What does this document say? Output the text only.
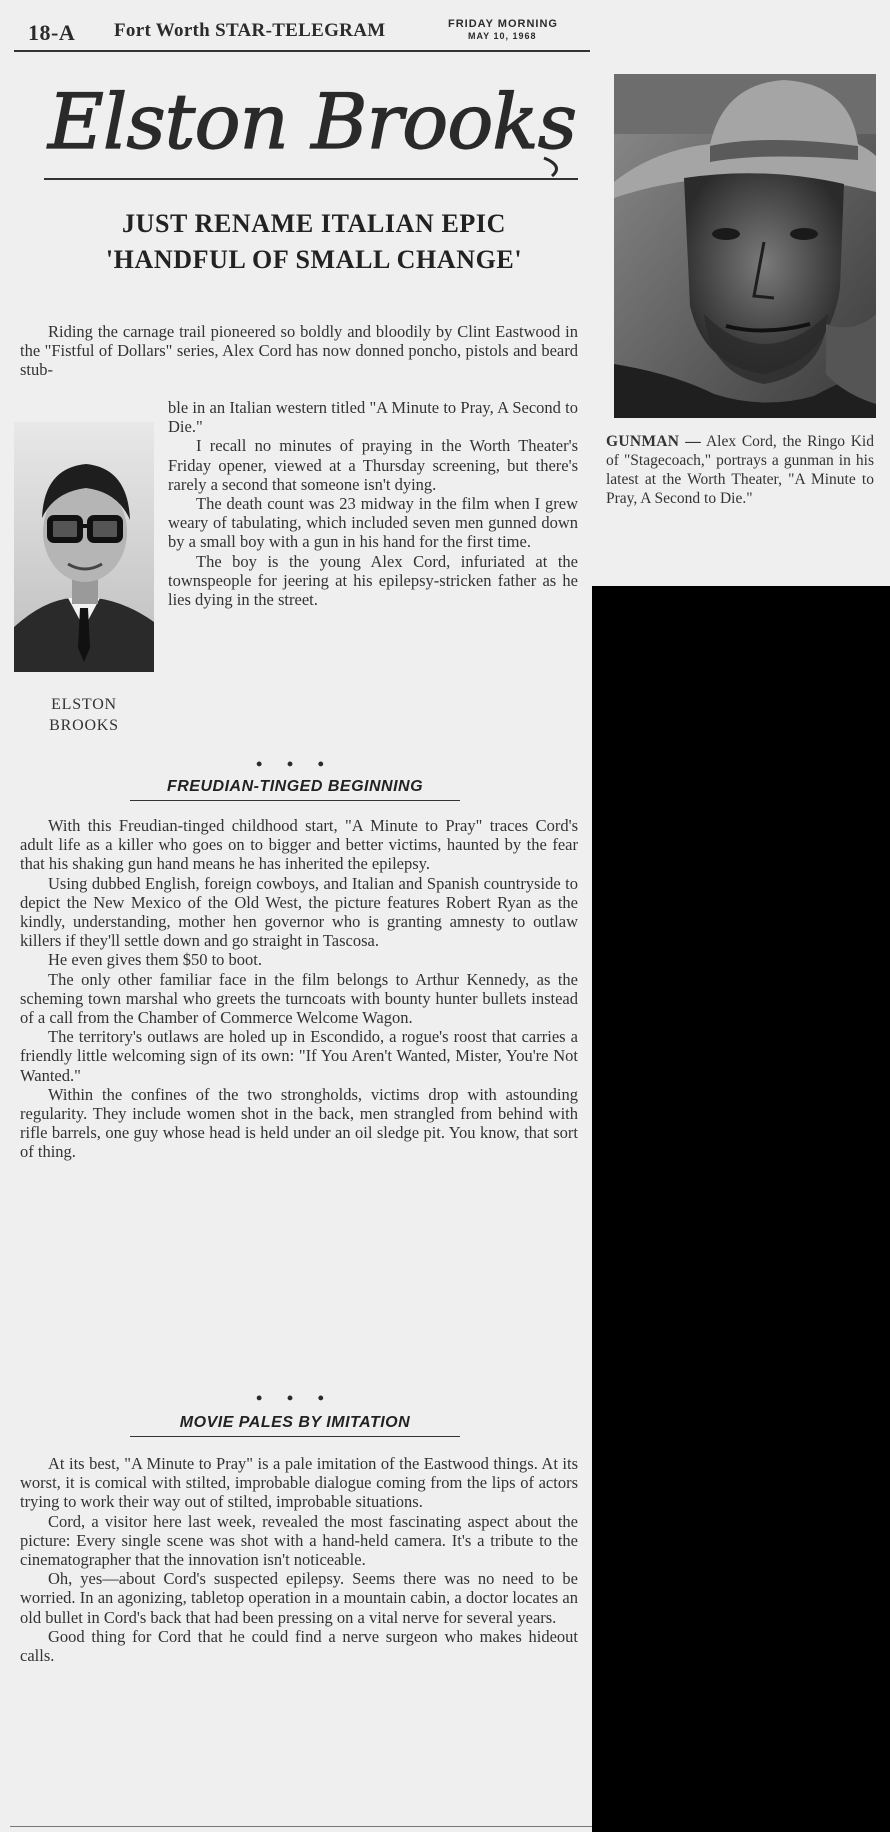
18-A Fort Worth STAR-TELEGRAM	FRIDAY MORNING
MAY 10, 1968
Elston Brooks
JUST RENAME ITALIAN EPIC
'HANDFUL OF SMALL CHANGE'

Riding the carnage trail pioneered so boldly and bloodily by Clint Eastwood in the "Fistful of Dollars" series, Alex Cord has now donned poncho, pistols and beard stub-

ELSTON
BROOKS

ble in an Italian western titled "A Minute to Pray, A Second to Die."

I recall no minutes of praying in the Worth Theater's Friday opener, viewed at a Thursday screening, but there's rarely a second that someone isn't dying.

The death count was 23 midway in the film when I grew weary of tabulating, which included seven men gunned down by a small boy with a gun in his hand for the first time.

The boy is the young Alex Cord, infuriated at the townspeople for jeering at his epilepsy-stricken father as he lies dying in the street.

• • •
FREUDIAN-TINGED BEGINNING

With this Freudian-tinged childhood start, "A Minute to Pray" traces Cord's adult life as a killer who goes on to bigger and better victims, haunted by the fear that his shaking gun hand means he has inherited the epilepsy.

Using dubbed English, foreign cowboys, and Italian and Spanish countryside to depict the New Mexico of the Old West, the picture features Robert Ryan as the kindly, understanding, mother hen governor who is granting amnesty to outlaw killers if they'll settle down and go straight in Tascosa.

He even gives them $50 to boot.

The only other familiar face in the film belongs to Arthur Kennedy, as the scheming town marshal who greets the turncoats with bounty hunter bullets instead of a call from the Chamber of Commerce Welcome Wagon.

The territory's outlaws are holed up in Escondido, a rogue's roost that carries a friendly little welcoming sign of its own: "If You Aren't Wanted, Mister, You're Not Wanted."

Within the confines of the two strongholds, victims drop with astounding regularity. They include women shot in the back, men strangled from behind with rifle barrels, one guy whose head is held under an oil sledge pit. You know, that sort of thing.

• • •
MOVIE PALES BY IMITATION

At its best, "A Minute to Pray" is a pale imitation of the Eastwood things. At its worst, it is comical with stilted, improbable dialogue coming from the lips of actors trying to work their way out of stilted, improbable situations.

Cord, a visitor here last week, revealed the most fascinating aspect about the picture: Every single scene was shot with a hand-held camera. It's a tribute to the cinematographer that the innovation isn't noticeable.

Oh, yes—about Cord's suspected epilepsy. Seems there was no need to be worried. In an agonizing, tabletop operation in a mountain cabin, a doctor locates an old bullet in Cord's back that had been pressing on a vital nerve for several years.

Good thing for Cord that he could find a nerve surgeon who makes hideout calls.

GUNMAN — Alex Cord, the Ringo Kid of "Stagecoach," portrays a gunman in his latest at the Worth Theater, "A Minute to Pray, A Second to Die."
